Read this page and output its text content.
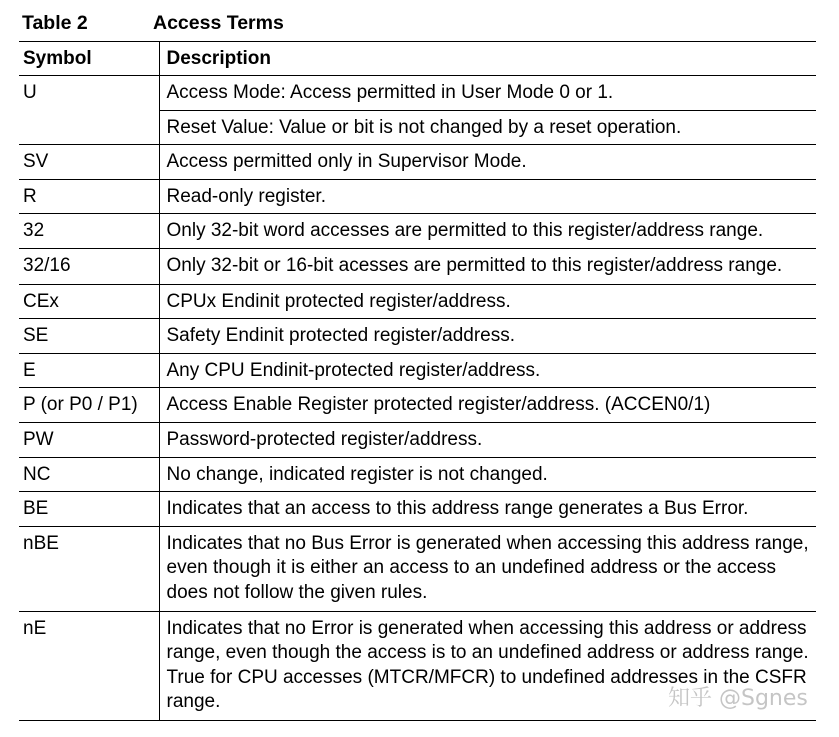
Table 2	Access Terms
Symbol	Description
U	Access Mode: Access permitted in User Mode 0 or 1.
	Reset Value: Value or bit is not changed by a reset operation.
SV	Access permitted only in Supervisor Mode.
R	Read-only register.
32	Only 32-bit word accesses are permitted to this register/address range.
32/16	Only 32-bit or 16-bit acesses are permitted to this register/address range.
CEx	CPUx Endinit protected register/address.
SE	Safety Endinit protected register/address.
E	Any CPU Endinit-protected register/address.
P (or P0 / P1)	Access Enable Register protected register/address. (ACCEN0/1)
PW	Password-protected register/address.
NC	No change, indicated register is not changed.
BE	Indicates that an access to this address range generates a Bus Error.
nBE	Indicates that no Bus Error is generated when accessing this address range, even though it is either an access to an undefined address or the access does not follow the given rules.
nE	Indicates that no Error is generated when accessing this address or address range, even though the access is to an undefined address or address range. True for CPU accesses (MTCR/MFCR) to undefined addresses in the CSFR range.	知乎 @Sgnes
